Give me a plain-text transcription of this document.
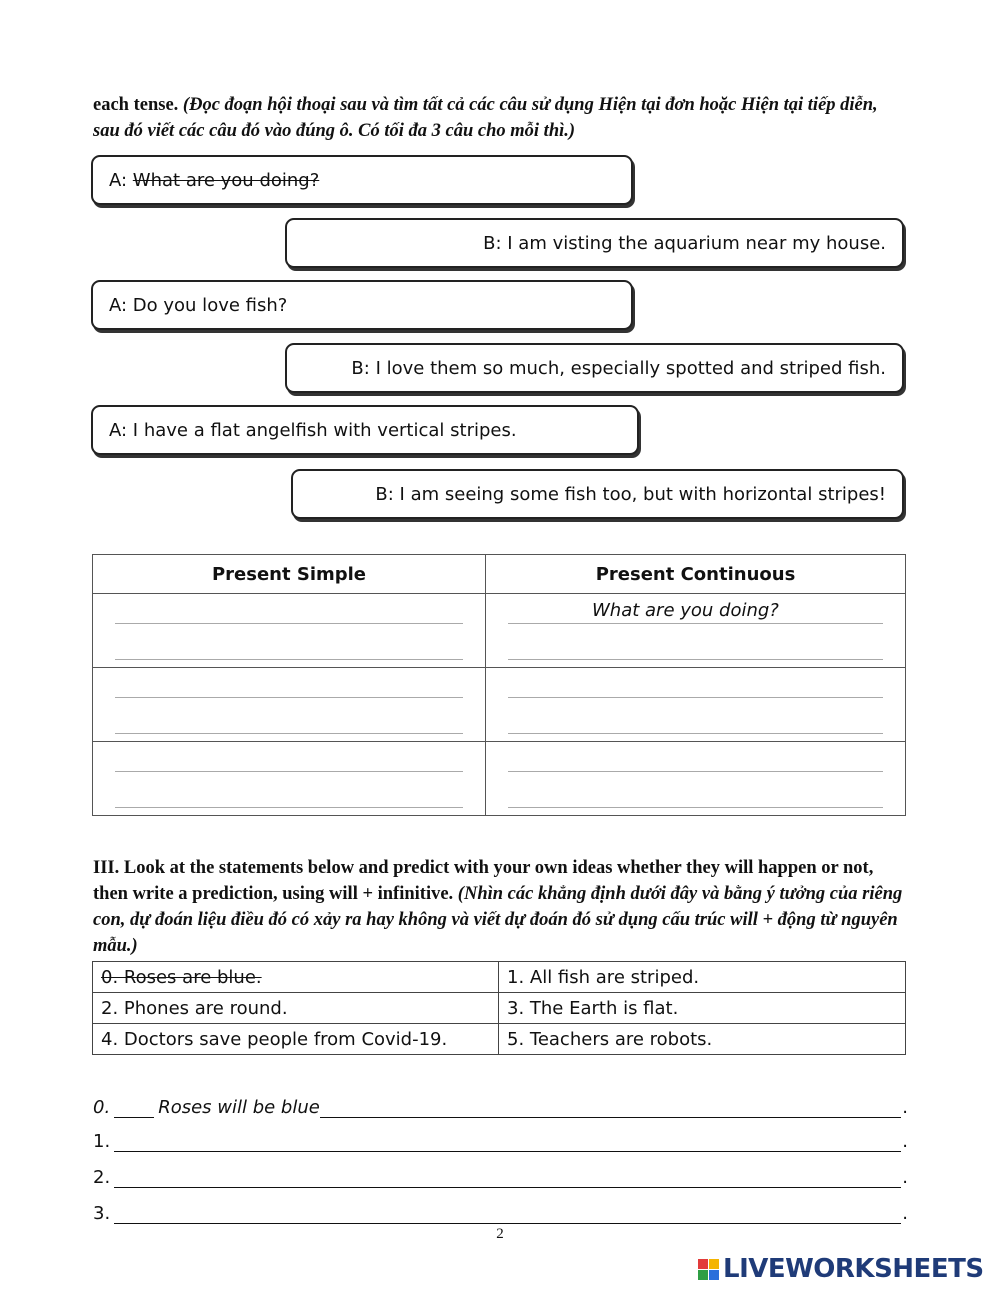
each tense. (Đọc đoạn hội thoại sau và tìm tất cả các câu sử dụng Hiện tại đơn hoặc Hiện tại tiếp diễn, sau đó viết các câu đó vào đúng ô. Có tối đa 3 câu cho mỗi thì.)

A:
What are you doing?
B:
I am visting the aquarium near my house.
A:
Do you love fish?
B:
I love them so much, especially spotted and striped fish.
A:
I have a flat angelfish with vertical stripes.
B:
I am seeing some fish too, but with horizontal stripes!
Present Simple	Present Continuous

	What are you doing?

III. Look at the statements below and predict with your own ideas whether they will happen or not, then write a prediction, using will + infinitive. (Nhìn các khẳng định dưới đây và bằng ý tưởng của riêng con, dự đoán liệu điều đó có xảy ra hay không và viết dự đoán đó sử dụng cấu trúc will + động từ nguyên mẫu.)

0. Roses are blue.	1. All fish are striped.
2. Phones are round.	3. The Earth is flat.
4. Doctors save people from Covid-19.	5. Teachers are robots.
0.	Roses will be blue	.
1.	.
2.	.
3.	.
2
LIVEWORKSHEETS
